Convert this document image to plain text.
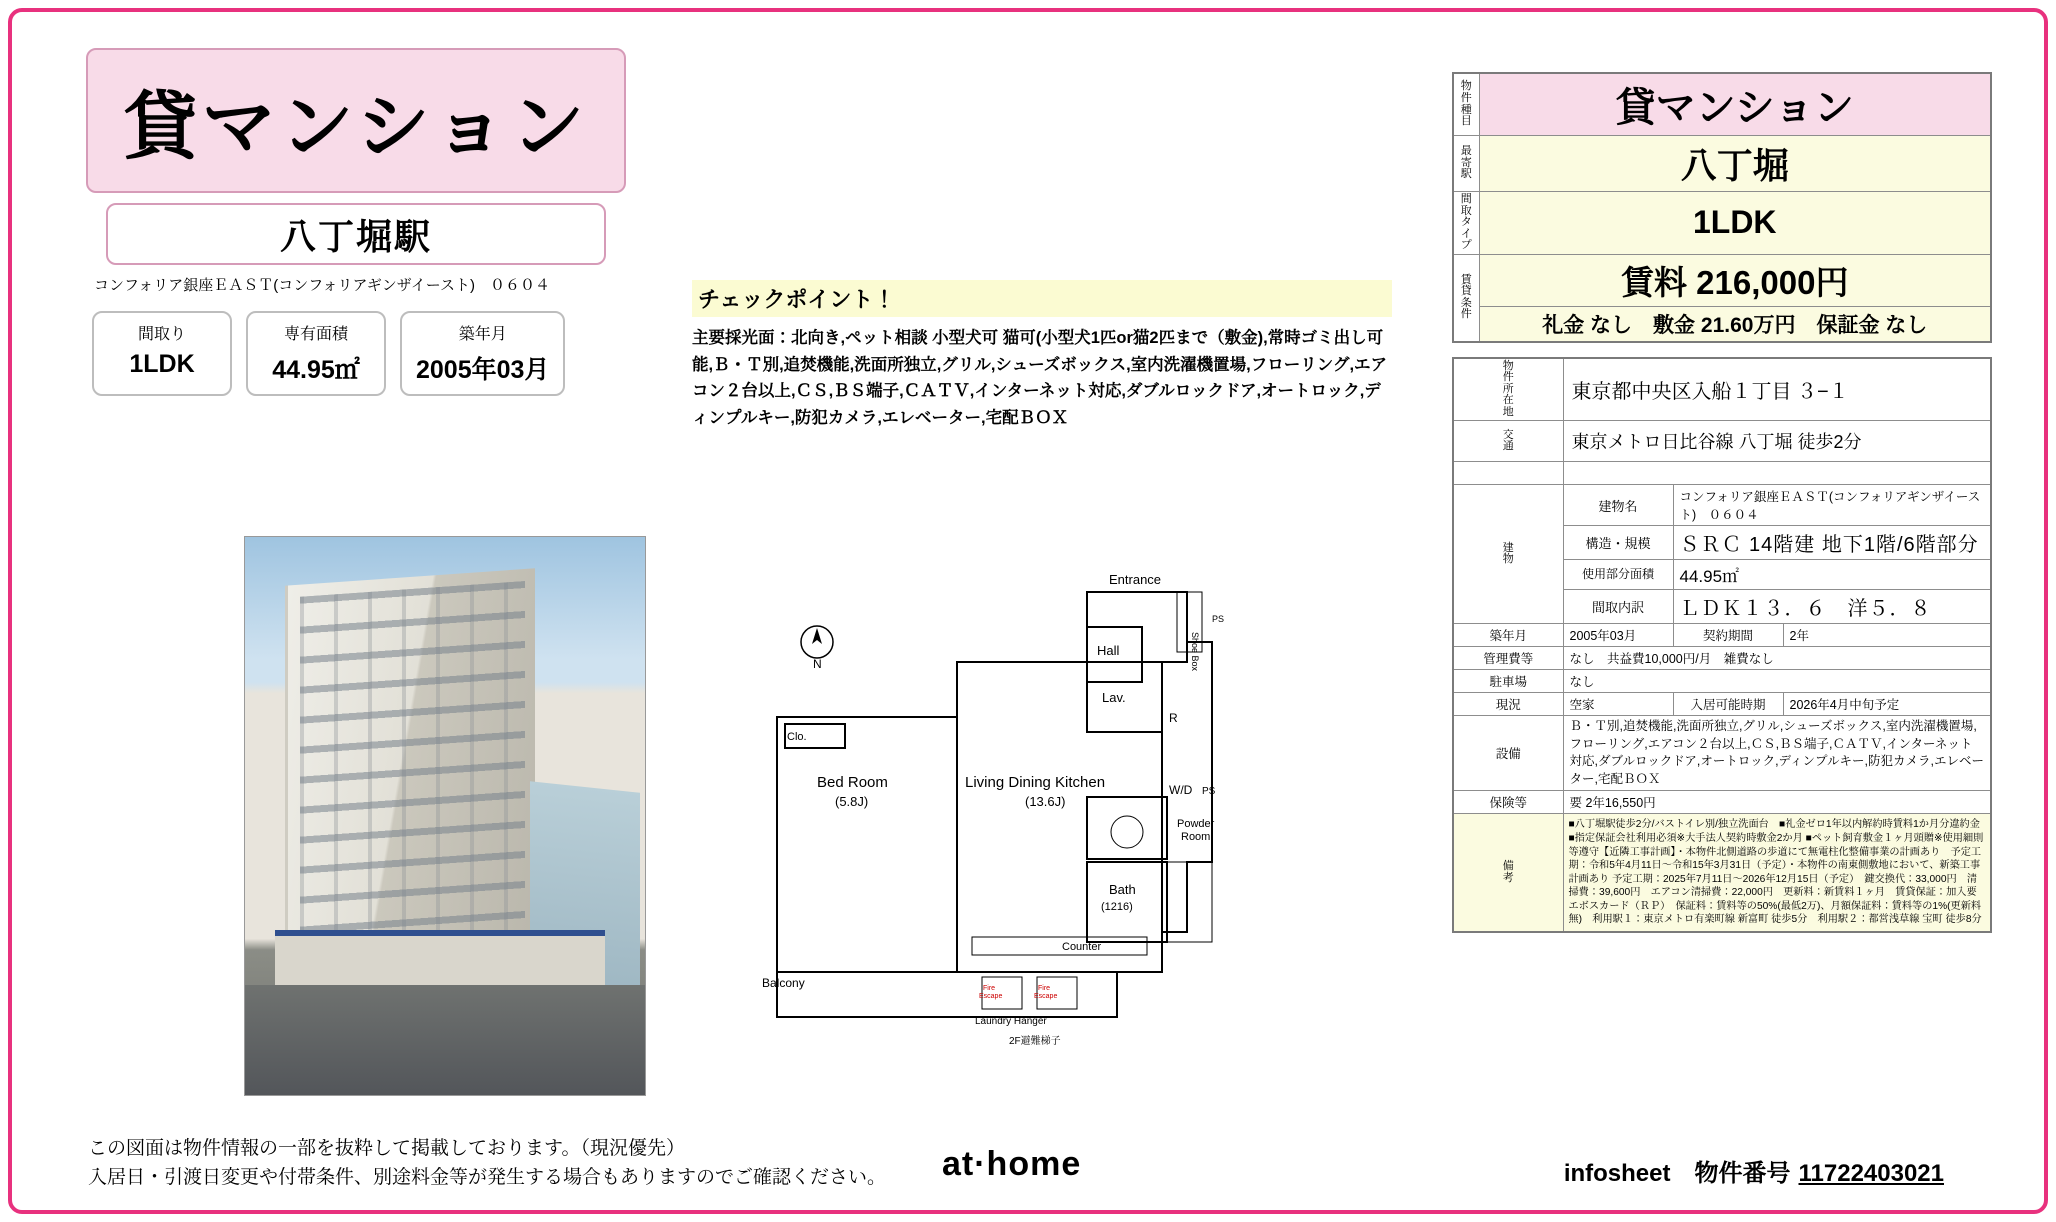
貸マンション
八丁堀駅
コンフォリア銀座ＥＡＳＴ(コンフォリアギンザイースト)　０６０４
間取り
1LDK
専有面積
44.95㎡
築年月
2005年03月
チェックポイント！
主要採光面：北向き,ペット相談 小型犬可 猫可(小型犬1匹or猫2匹まで（敷金),常時ゴミ出し可能,Ｂ・Ｔ別,追焚機能,洗面所独立,グリル,シューズボックス,室内洗濯機置場,フローリング,エアコン２台以上,ＣＳ,ＢＳ端子,ＣＡＴＶ,インターネット対応,ダブルロックドア,オートロック,ディンプルキー,防犯カメラ,エレベーター,宅配ＢＯＸ
Entrance
Hall
Lav.
Clo.
Bed Room
(5.8J)
Living Dining Kitchen
(13.6J)
W/D PS
Powder
Room
Bath
(1216)
Balcony
Counter
Laundry Hanger
Fire
Escape
Fire
Escape
2F避難梯子
Shoe Box
PS
R
N
物
件
種
目	貸マンション

最
寄
駅	八丁堀

間
取
タ
イ
プ	1LDK

賃
貸
条
件	賃料 216,000円
	礼金 なし　敷金 21.60万円　保証金 なし
物
件
所
在
地	東京都中央区入船１丁目 ３−１		

交
通	東京メトロ日比谷線 八丁堀 徒歩2分		

建
物	建物名	コンフォリア銀座ＥＡＳＴ(コンフォリアギンザイースト)　０６０４	
	構造・規模	ＳＲＣ 14階建 地下1階/6階部分	
	使用部分面積	44.95㎡	
	間取内訳	ＬＤＫ１３．６　洋５．８	
築年月	2005年03月	契約期間	2年
管理費等	なし　共益費10,000円/月　雑費なし		
駐車場	なし		
現況	空家	入居可能時期	2026年4月中旬予定
設備	Ｂ・Ｔ別,追焚機能,洗面所独立,グリル,シューズボックス,室内洗濯機置場,フローリング,エアコン２台以上,ＣＳ,ＢＳ端子,ＣＡＴＶ,インターネット対応,ダブルロックドア,オートロック,ディンプルキー,防犯カメラ,エレベーター,宅配ＢＯＸ		
保険等	要 2年16,550円		

備
考	■八丁堀駅徒歩2分/バストイレ別/独立洗面台　■礼金ゼロ1年以内解約時賃料1か月分違約金 ■指定保証会社利用必須※大手法人契約時敷金2か月 ■ペット飼育敷金１ヶ月頭贈※使用細則等遵守【近隣工事計画】・本物件北側道路の歩道にて無電柱化整備事業の計画あり　予定工期：令和5年4月11日〜令和15年3月31日（予定）・本物件の南東側敷地において、新築工事計画あり 予定工期：2025年7月11日〜2026年12月15日（予定）　鍵交換代：33,000円　清掃費：39,600円　エアコン清掃費：22,000円　更新料：新賃料１ヶ月　賃貸保証：加入要 エボスカード（ＲＰ）　保証料：賃料等の50%(最低2万)、月額保証料：賃料等の1%(更新料無)　利用駅１：東京メトロ有楽町線 新富町 徒歩5分　利用駅２：都営浅草線 宝町 徒歩8分		
この図面は物件情報の一部を抜粋して掲載しております。（現況優先）
入居日・引渡日変更や付帯条件、別途料金等が発生する場合もありますのでご確認ください。 at·home	infosheet　物件番号 11722403021
